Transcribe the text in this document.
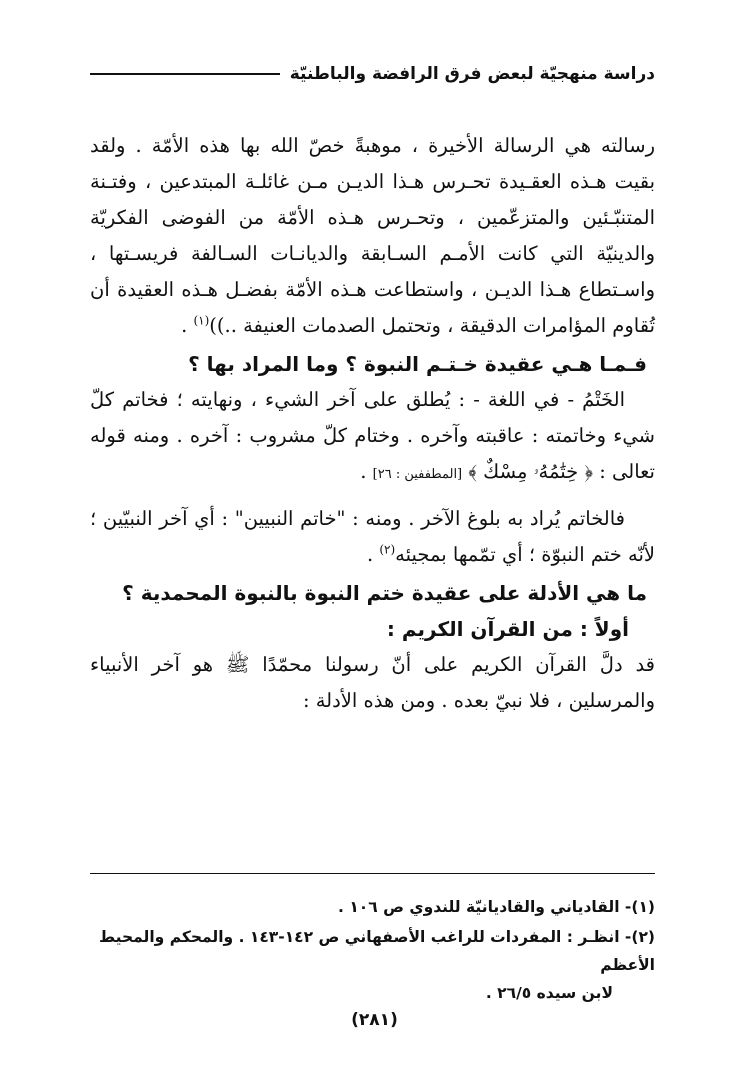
دراسة منهجيّة لبعض فرق الرافضة والباطنيّة

رسالته هي الرسالة الأخيرة ، موهبةً خصّ الله بها هذه الأمّة . ولقد بقيت هـذه العقـيدة تحـرس هـذا الديـن مـن غائلـة المبتدعين ، وفتـنة المتنبّـئين والمتزعّمين ، وتحـرس هـذه الأمّة من الفوضى الفكريّة والدينيّة التي كانت الأمـم السـابقة والديانـات السـالفة فريسـتها ، واسـتطاع هـذا الديـن ، واستطاعت هـذه الأمّة بفضـل هـذه العقيدة أن تُقاوم المؤامرات الدقيقة ، وتحتمل الصدمات العنيفة ..))$^{(١)}$ .

فـمـا هـي عقيدة خـتـم النبوة ؟ وما المراد بها ؟

الخَتْمُ - في اللغة - : يُطلق على آخر الشيء ، ونهايته ؛ فخاتم كلّ شيء وخاتمته : عاقبته وآخره . وختام كلّ مشروب : آخره . ومنه قوله تعالى : ﴿ خِتَٰمُهُۥ مِسْكٌ ﴾ [المطففين : ٢٦] .

فالخاتم يُراد به بلوغ الآخر . ومنه : "خاتم النبيين" : أي آخر النبيّين ؛ لأنّه ختم النبوّة ؛ أي تمّمها بمجيئه$^{(٢)}$ .

ما هي الأدلة على عقيدة ختم النبوة بالنبوة المحمدية ؟

أولاً : من القرآن الكريم :

قد دلَّ القرآن الكريم على أنّ رسولنا محمّدًا ﷺ هو آخر الأنبياء والمرسلين ، فلا نبيّ بعده . ومن هذه الأدلة :

(١)- القادياني والقاديانيّة للندوي ص ١٠٦ .

(٢)- انظـر : المفردات للراغب الأصفهاني ص ١٤٢-١٤٣ . والمحكم والمحيط الأعظم
لابن سيده ٢٦/٥ .

(٢٨١)
